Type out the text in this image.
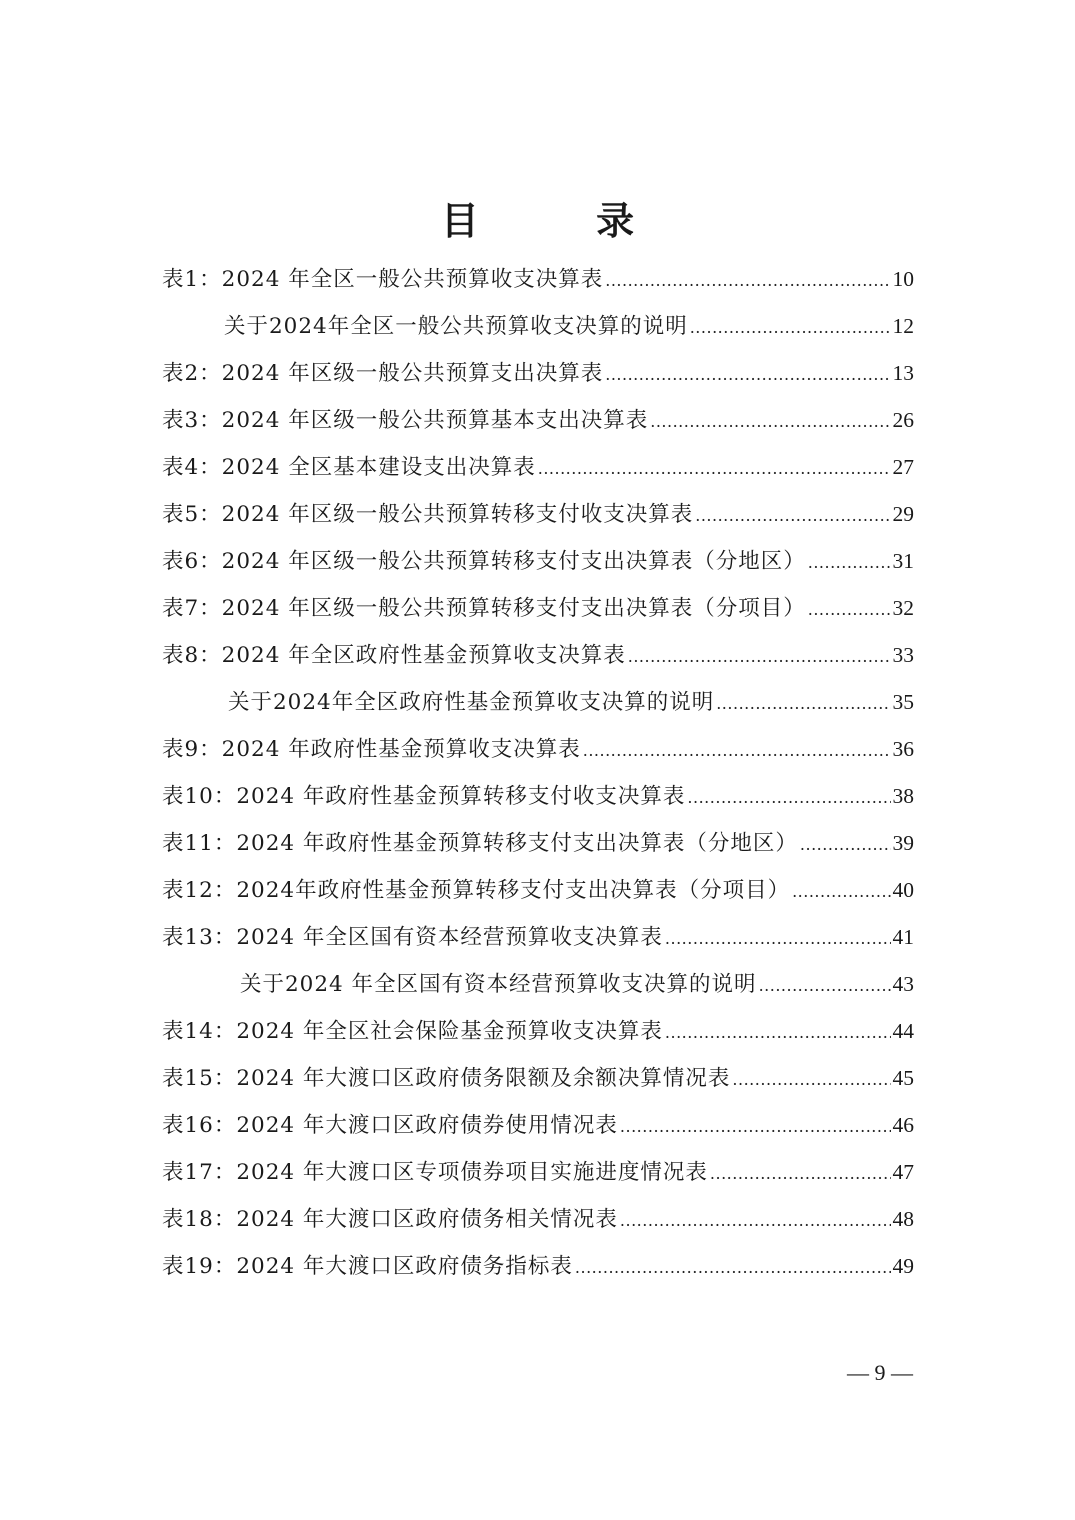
目 录
表1：2024 年全区一般公共预算收支决算表 .....	10
关于2024年全区一般公共预算收支决算的说明 .....	12
表2：2024 年区级一般公共预算支出决算表 .....	13
表3：2024 年区级一般公共预算基本支出决算表 .....	26
表4：2024 全区基本建设支出决算表 .....	27
表5：2024 年区级一般公共预算转移支付收支决算表 .....	29
表6：2024 年区级一般公共预算转移支付支出决算表（分地区） .....	31
表7：2024 年区级一般公共预算转移支付支出决算表（分项目） .....	32
表8：2024 年全区政府性基金预算收支决算表 .....	33
关于2024年全区政府性基金预算收支决算的说明 .....	35
表9：2024 年政府性基金预算收支决算表 .....	36
表10：2024 年政府性基金预算转移支付收支决算表 .....	38
表11：2024 年政府性基金预算转移支付支出决算表（分地区） .....	39
表12：2024年政府性基金预算转移支付支出决算表（分项目） .....	40
表13：2024 年全区国有资本经营预算收支决算表 .....	41
关于2024 年全区国有资本经营预算收支决算的说明 .....	43
表14：2024 年全区社会保险基金预算收支决算表 .....	44
表15：2024 年大渡口区政府债务限额及余额决算情况表 .....	45
表16：2024 年大渡口区政府债券使用情况表 .....	46
表17：2024 年大渡口区专项债券项目实施进度情况表 .....	47
表18：2024 年大渡口区政府债务相关情况表 .....	48
表19：2024 年大渡口区政府债务指标表 .....	49
— 9 —
